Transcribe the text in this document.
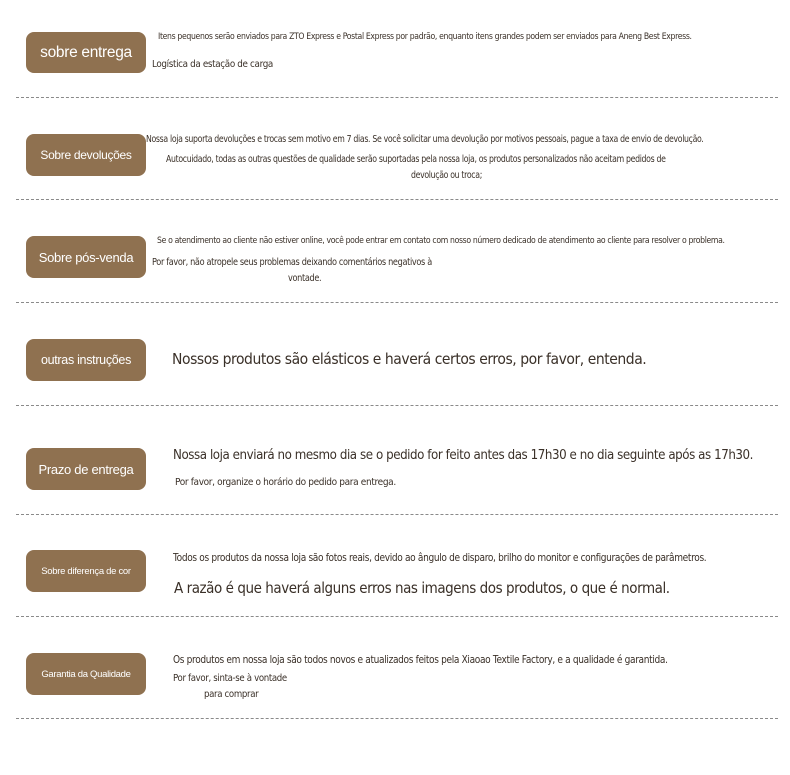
sobre entrega
Itens pequenos serão enviados para ZTO Express e Postal Express por padrão, enquanto itens grandes podem ser enviados para Aneng Best Express.
Logística da estação de carga
Sobre devoluções
Nossa loja suporta devoluções e trocas sem motivo em 7 dias. Se você solicitar uma devolução por motivos pessoais, pague a taxa de envio de devolução.
Autocuidado, todas as outras questões de qualidade serão suportadas pela nossa loja, os produtos personalizados não aceitam pedidos de
devolução ou troca;
Sobre pós-venda
Se o atendimento ao cliente não estiver online, você pode entrar em contato com nosso número dedicado de atendimento ao cliente para resolver o problema.
Por favor, não atropele seus problemas deixando comentários negativos à
vontade.
outras instruções	Nossos produtos são elásticos e haverá certos erros, por favor, entenda.
Prazo de entrega
Nossa loja enviará no mesmo dia se o pedido for feito antes das 17h30 e no dia seguinte após as 17h30.
Por favor, organize o horário do pedido para entrega.
Sobre diferença de cor
Todos os produtos da nossa loja são fotos reais, devido ao ângulo de disparo, brilho do monitor e configurações de parâmetros.
A razão é que haverá alguns erros nas imagens dos produtos, o que é normal.
Garantia da Qualidade
Os produtos em nossa loja são todos novos e atualizados feitos pela Xiaoao Textile Factory, e a qualidade é garantida.
Por favor, sinta-se à vontade
para comprar
